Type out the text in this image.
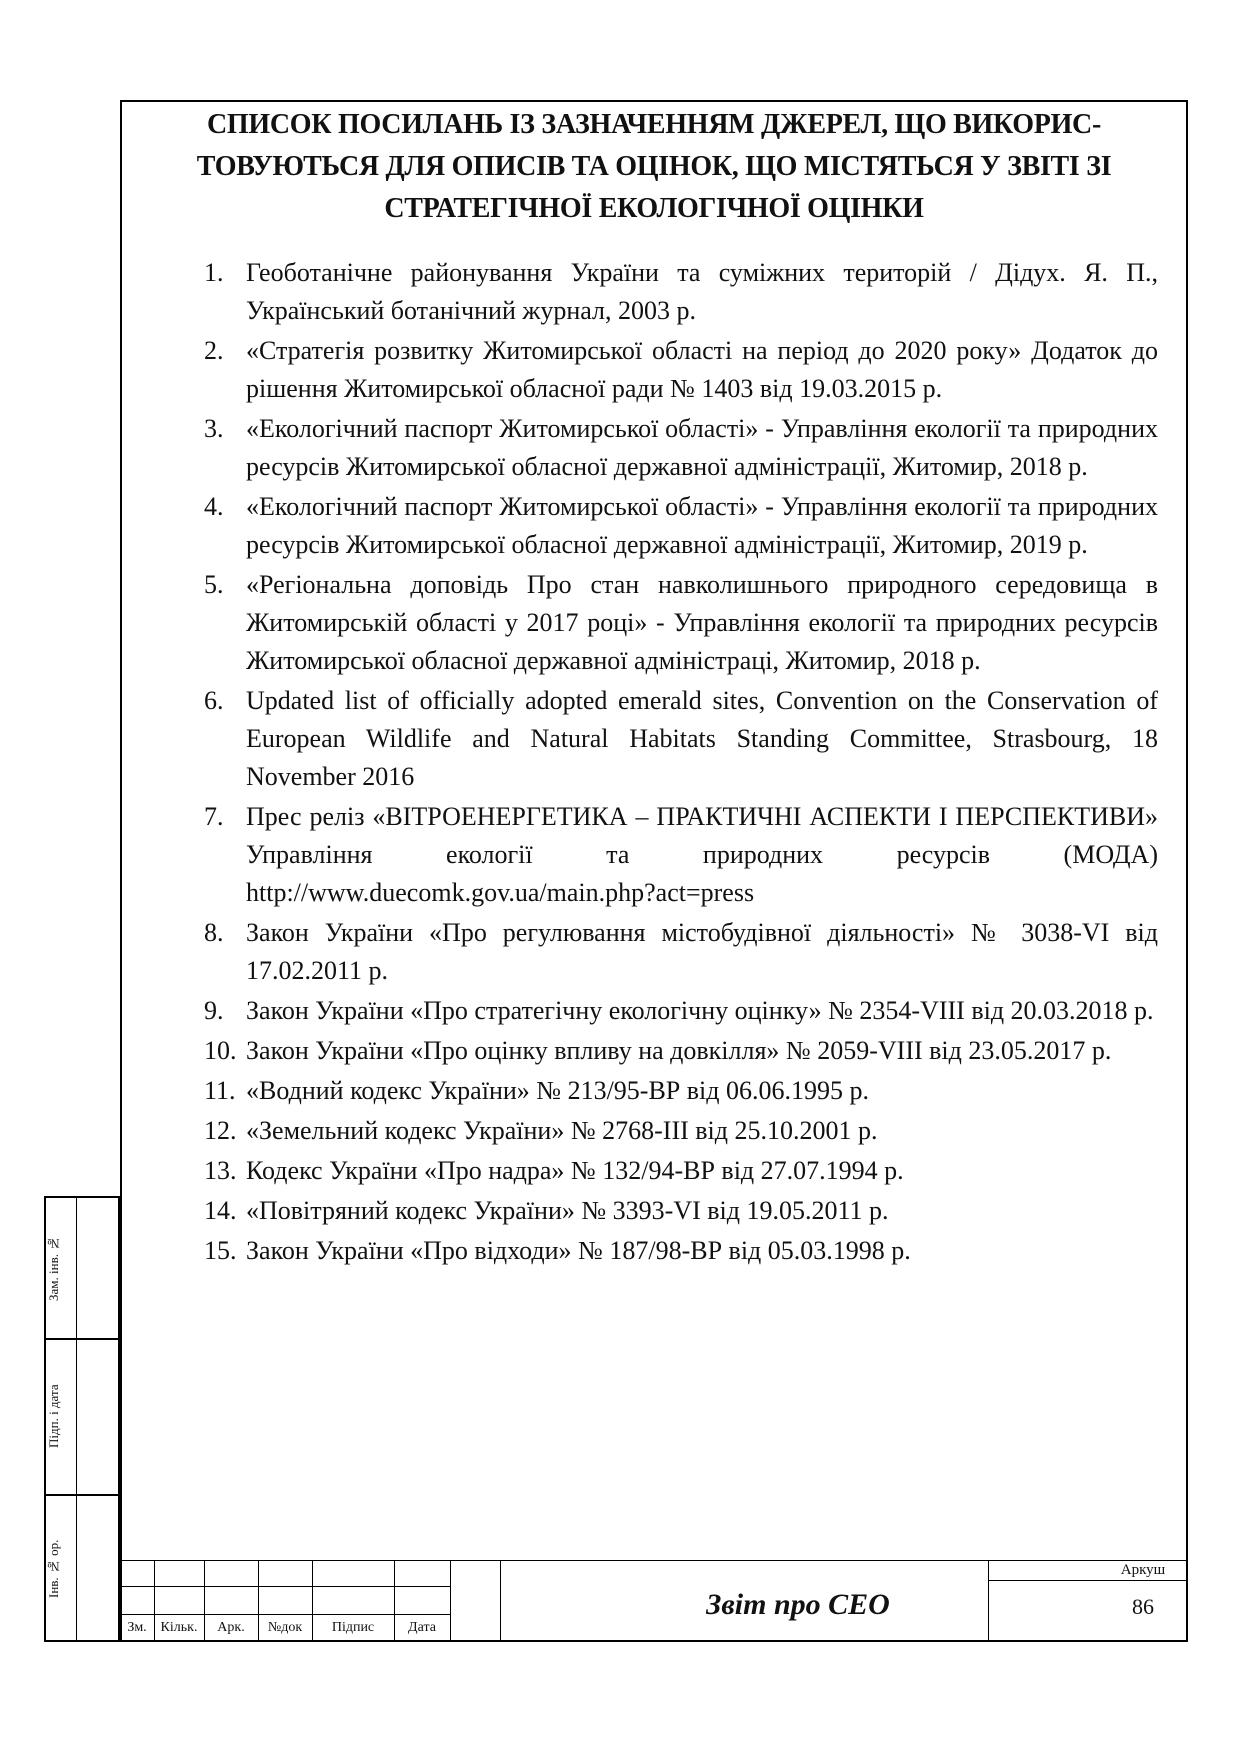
СПИСОК ПОСИЛАНЬ ІЗ ЗАЗНАЧЕННЯМ ДЖЕРЕЛ, ЩО ВИКОРИС-
ТОВУЮТЬСЯ ДЛЯ ОПИСІВ ТА ОЦІНОК, ЩО МІСТЯТЬСЯ У ЗВІТІ ЗІ
СТРАТЕГІЧНОЇ ЕКОЛОГІЧНОЇ ОЦІНКИ
1. Геоботанічне районування України та суміжних територій / Дідух. Я. П., Український ботанічний журнал, 2003 р.
2. «Стратегія розвитку Житомирської області на період до 2020 року» Додаток до рішення Житомирської обласної ради № 1403 від 19.03.2015 р.
3. «Екологічний паспорт Житомирської області» - Управління екології та природних ресурсів Житомирської обласної державної адміністрації, Житомир, 2018 р.
4. «Екологічний паспорт Житомирської області» - Управління екології та природних ресурсів Житомирської обласної державної адміністрації, Житомир, 2019 р.
5. «Регіональна доповідь Про стан навколишнього природного середовища в Житомирській області у 2017 році» - Управління екології та природних ресурсів Житомирської обласної державної адміністраці, Житомир, 2018 р.
6. Updated list of officially adopted emerald sites, Convention on the Conservation of European Wildlife and Natural Habitats Standing Committee, Strasbourg, 18 November 2016
7. Прес реліз «ВІТРОЕНЕРГЕТИКА – ПРАКТИЧНІ АСПЕКТИ І ПЕРСПЕКТИВИ» Управління екології та природних ресурсів (МОДА) http://www.duecomk.gov.ua/main.php?act=press
8. Закон України «Про регулювання містобудівної діяльності» № 3038-VI від 17.02.2011 р.
9. Закон України «Про стратегічну екологічну оцінку» № 2354-VIII від 20.03.2018 р.
10. Закон України «Про оцінку впливу на довкілля» № 2059-VIII від 23.05.2017 р.
11. «Водний кодекс України» № 213/95-ВР від 06.06.1995 р.
12. «Земельний кодекс України» № 2768-III від 25.10.2001 р.
13. Кодекс України «Про надра» № 132/94-ВР від 27.07.1994 р.
14. «Повітряний кодекс України» № 3393-VI від 19.05.2011 р.
15. Закон України «Про відходи» № 187/98-ВР від 05.03.1998 р.
Зам. інв. №
Підп. і дата
Інв. № ор.
Зм. Кільк.	Арк.	№док	Підпис	Дата
Звіт про СЕО
Аркуш
86
